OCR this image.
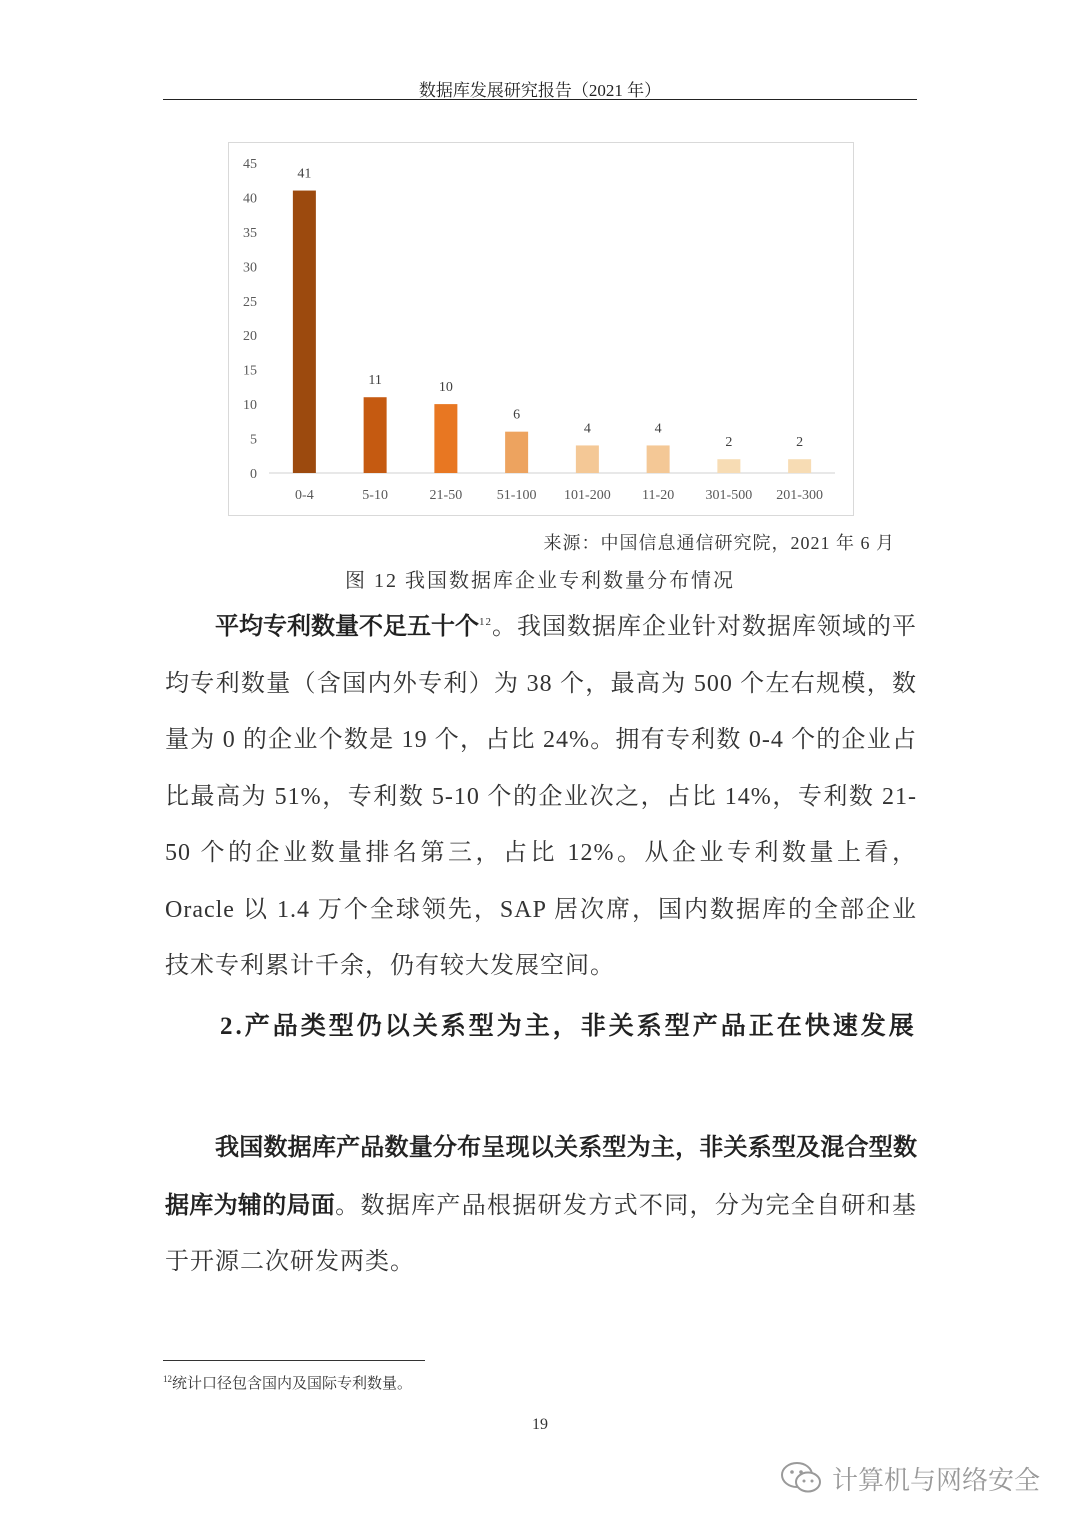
数据库发展研究报告（2021 年）
0
5
10
15
20
25
30
35
40
45
41
0-4
11
5-10
10
21-50
6
51-100
4
101-200
4
11-20
2
301-500
2
201-300
来源：中国信息通信研究院，2021 年 6 月
图 12 我国数据库企业专利数量分布情况

平均专利数量不足五十个$^{12}$。我国数据库企业针对数据库领域的平均专利数量（含国内外专利）为 38 个，最高为 500 个左右规模，数量为 0 的企业个数是 19 个，占比 24%。拥有专利数 0-4 个的企业占比最高为 51%，专利数 5-10 个的企业次之，占比 14%，专利数 21-50 个的企业数量排名第三，占比 12%。从企业专利数量上看，Oracle 以 1.4 万个全球领先，SAP 居次席，国内数据库的全部企业技术专利累计千余，仍有较大发展空间。

2.产品类型仍以关系型为主，非关系型产品正在快速发展

我国数据库产品数量分布呈现以关系型为主，非关系型及混合型数据库为辅的局面。数据库产品根据研发方式不同，分为完全自研和基于开源二次研发两类。

$^{12}$统计口径包含国内及国际专利数量。
19
计算机与网络安全
